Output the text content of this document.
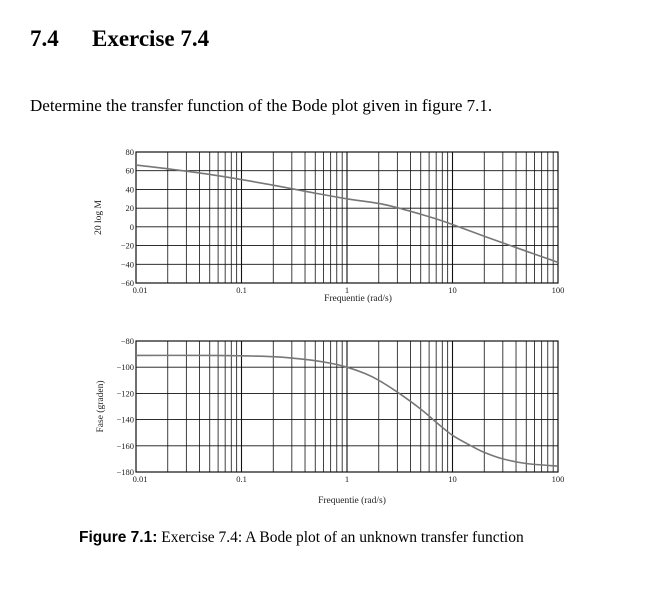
7.4 Exercise 7.4
Determine the transfer function of the Bode plot given in figure 7.1.
80
60
40
20
0
−20
−40
−60
0.01	0.1	1	10	100
Frequentie (rad/s)
20 log M
−80
−100
−120
−140
−160
−180
0.01	0.1	1	10	100
Frequentie (rad/s)
Fase (graden)
Figure 7.1: Exercise 7.4: A Bode plot of an unknown transfer function
